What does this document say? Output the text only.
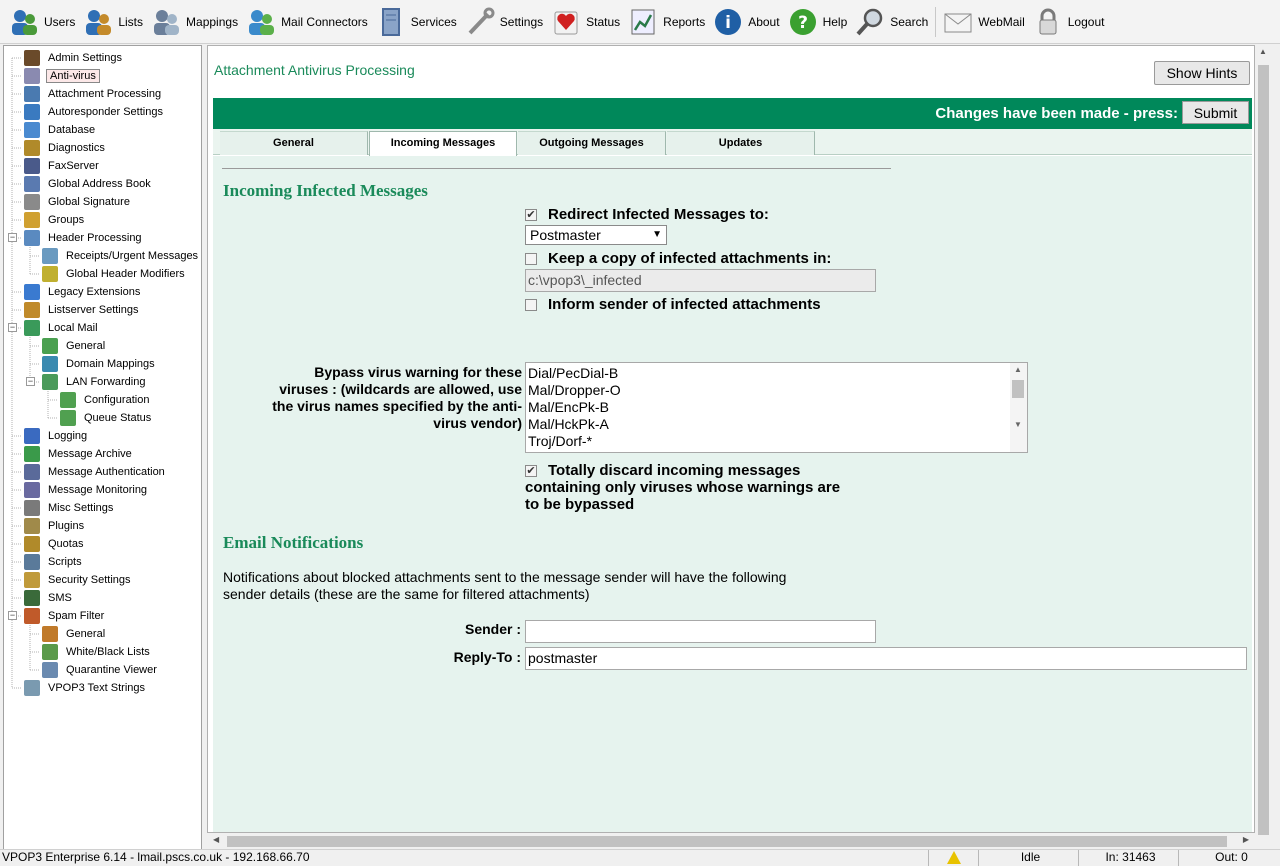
Users	Lists	Mappings	Mail Connectors	Services	Settings	Status	Reports i About ? Help	Search	WebMail	Logout
Admin Settings
Anti-virus
Attachment Processing
Autoresponder Settings
Database
Diagnostics
FaxServer
Global Address Book
Global Signature
Groups
−	Header Processing
Receipts/Urgent Messages
Global Header Modifiers
Legacy Extensions
Listserver Settings
−	Local Mail
General
Domain Mappings
−	LAN Forwarding
Configuration
Queue Status
Logging
Message Archive
Message Authentication
Message Monitoring
Misc Settings
Plugins
Quotas
Scripts
Security Settings
SMS
−	Spam Filter
General
White/Black Lists
Quarantine Viewer
VPOP3 Text Strings
Attachment Antivirus Processing	Show Hints
Changes have been made - press:	Submit
General	Incoming Messages	Outgoing Messages	Updates
Incoming Infected Messages
✔ Redirect Infected Messages to:
Postmaster	▼
Keep a copy of infected attachments in:
c:\vpop3\_infected
Inform sender of infected attachments
Bypass virus warning for these
viruses : (wildcards are allowed, use
the virus names specified by the anti-
virus vendor)
▲
▼
Dial/PecDial-B
Mal/Dropper-O
Mal/EncPk-B
Mal/HckPk-A
Troj/Dorf-*
✔ Totally discard incoming messages
containing only viruses whose warnings are
to be bypassed
Email Notifications
Notifications about blocked attachments sent to the message sender will have the following
sender details (these are the same for filtered attachments)
Sender :
Reply-To : postmaster
▲
◀	▶
VPOP3 Enterprise 6.14 - lmail.pscs.co.uk - 192.168.66.70	Idle	In: 31463	Out: 0
